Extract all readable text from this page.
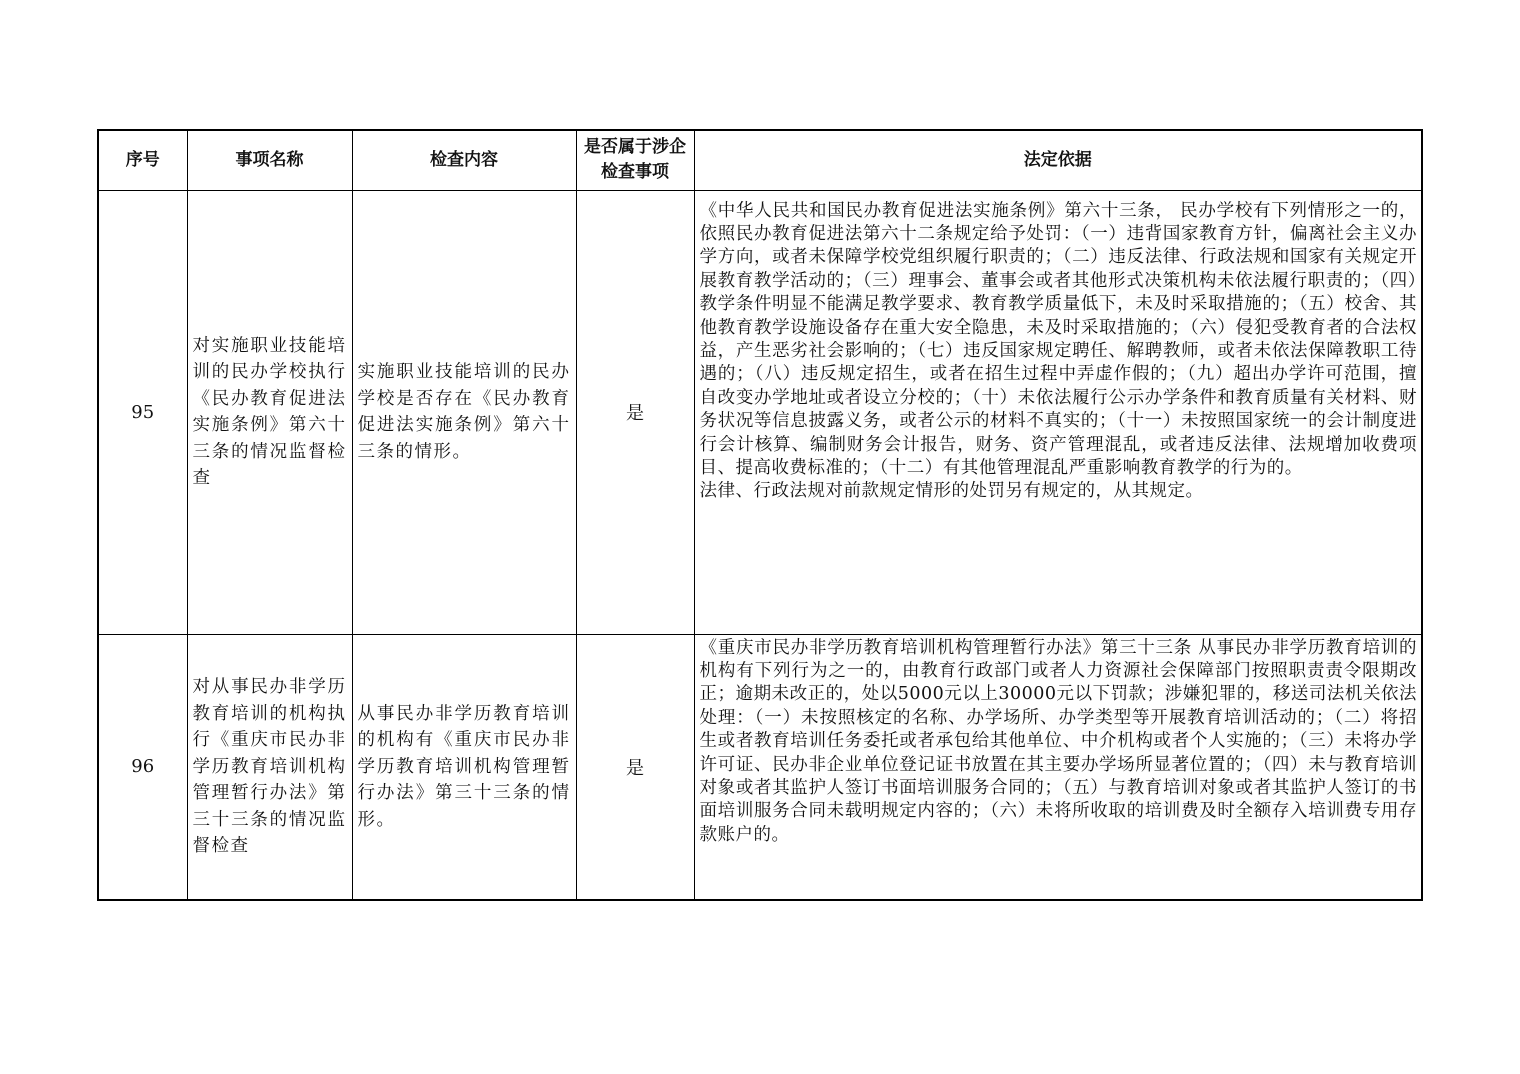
序号	事项名称	检查内容	是否属于涉企检查事项	法定依据
95	对实施职业技能培训的民办学校执行《民办教育促进法实施条例》第六十三条的情况监督检查	实施职业技能培训的民办学校是否存在《民办教育促进法实施条例》第六十三条的情形。	是	《中华人民共和国民办教育促进法实施条例》第六十三条， 民办学校有下列情形之一的，依照民办教育促进法第六十二条规定给予处罚：（一）违背国家教育方针，偏离社会主义办学方向，或者未保障学校党组织履行职责的；（二）违反法律、行政法规和国家有关规定开展教育教学活动的；（三）理事会、董事会或者其他形式决策机构未依法履行职责的；（四）教学条件明显不能满足教学要求、教育教学质量低下，未及时采取措施的；（五）校舍、其他教育教学设施设备存在重大安全隐患，未及时采取措施的；（六）侵犯受教育者的合法权益，产生恶劣社会影响的；（七）违反国家规定聘任、解聘教师，或者未依法保障教职工待遇的；（八）违反规定招生，或者在招生过程中弄虚作假的；（九）超出办学许可范围，擅自改变办学地址或者设立分校的；（十）未依法履行公示办学条件和教育质量有关材料、财务状况等信息披露义务，或者公示的材料不真实的；（十一）未按照国家统一的会计制度进行会计核算、编制财务会计报告，财务、资产管理混乱，或者违反法律、法规增加收费项目、提高收费标准的；（十二）有其他管理混乱严重影响教育教学的行为的。
法律、行政法规对前款规定情形的处罚另有规定的，从其规定。

96	对从事民办非学历教育培训的机构执行《重庆市民办非学历教育培训机构管理暂行办法》第三十三条的情况监督检查	从事民办非学历教育培训的机构有《重庆市民办非学历教育培训机构管理暂行办法》第三十三条的情形。	是	《重庆市民办非学历教育培训机构管理暂行办法》第三十三条 从事民办非学历教育培训的机构有下列行为之一的，由教育行政部门或者人力资源社会保障部门按照职责责令限期改正；逾期未改正的，处以5000元以上30000元以下罚款；涉嫌犯罪的，移送司法机关依法处理：（一）未按照核定的名称、办学场所、办学类型等开展教育培训活动的；（二）将招生或者教育培训任务委托或者承包给其他单位、中介机构或者个人实施的；（三）未将办学许可证、民办非企业单位登记证书放置在其主要办学场所显著位置的；（四）未与教育培训对象或者其监护人签订书面培训服务合同的；（五）与教育培训对象或者其监护人签订的书面培训服务合同未载明规定内容的；（六）未将所收取的培训费及时全额存入培训费专用存款账户的。
